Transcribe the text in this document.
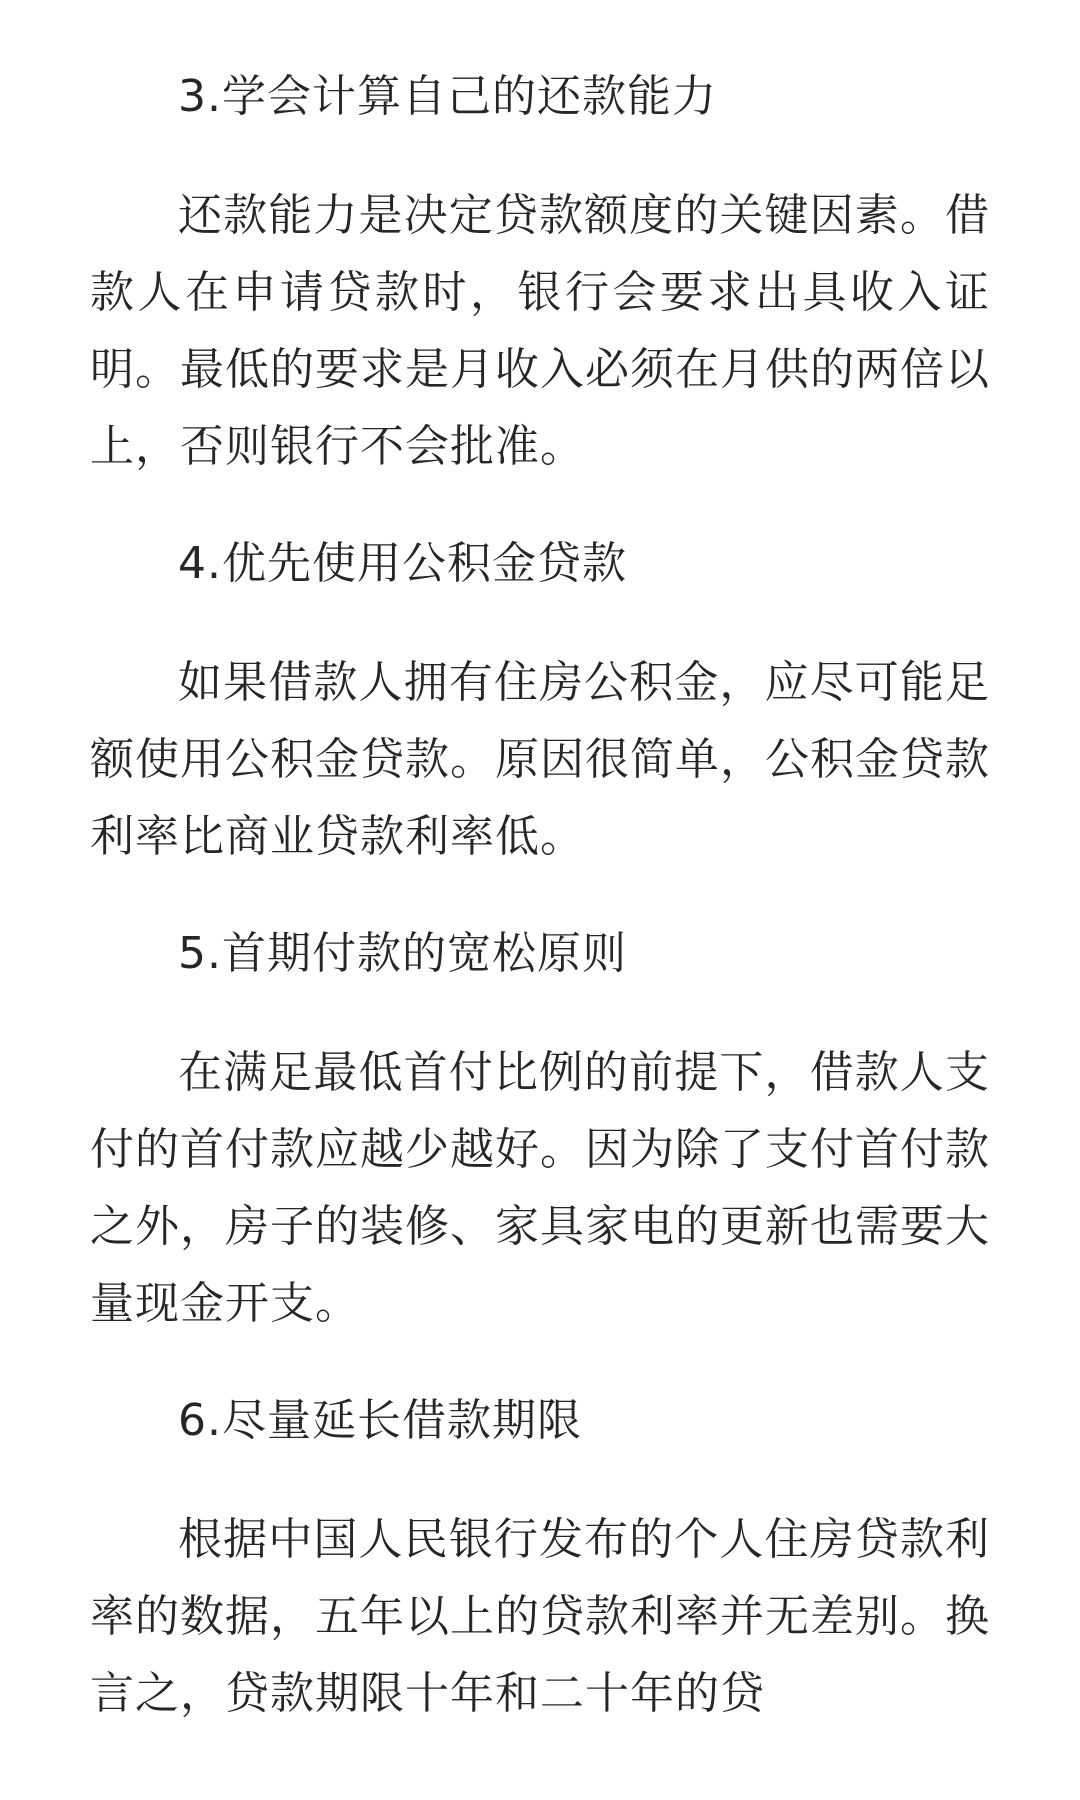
3.学会计算自己的还款能力

还款能力是决定贷款额度的关键因素。借款人在申请贷款时，银行会要求出具收入证明。最低的要求是月收入必须在月供的两倍以上，否则银行不会批准。

4.优先使用公积金贷款

如果借款人拥有住房公积金，应尽可能足额使用公积金贷款。原因很简单，公积金贷款利率比商业贷款利率低。

5.首期付款的宽松原则

在满足最低首付比例的前提下，借款人支付的首付款应越少越好。因为除了支付首付款之外，房子的装修、家具家电的更新也需要大量现金开支。

6.尽量延长借款期限

根据中国人民银行发布的个人住房贷款利率的数据，五年以上的贷款利率并无差别。换言之，贷款期限十年和二十年的贷
